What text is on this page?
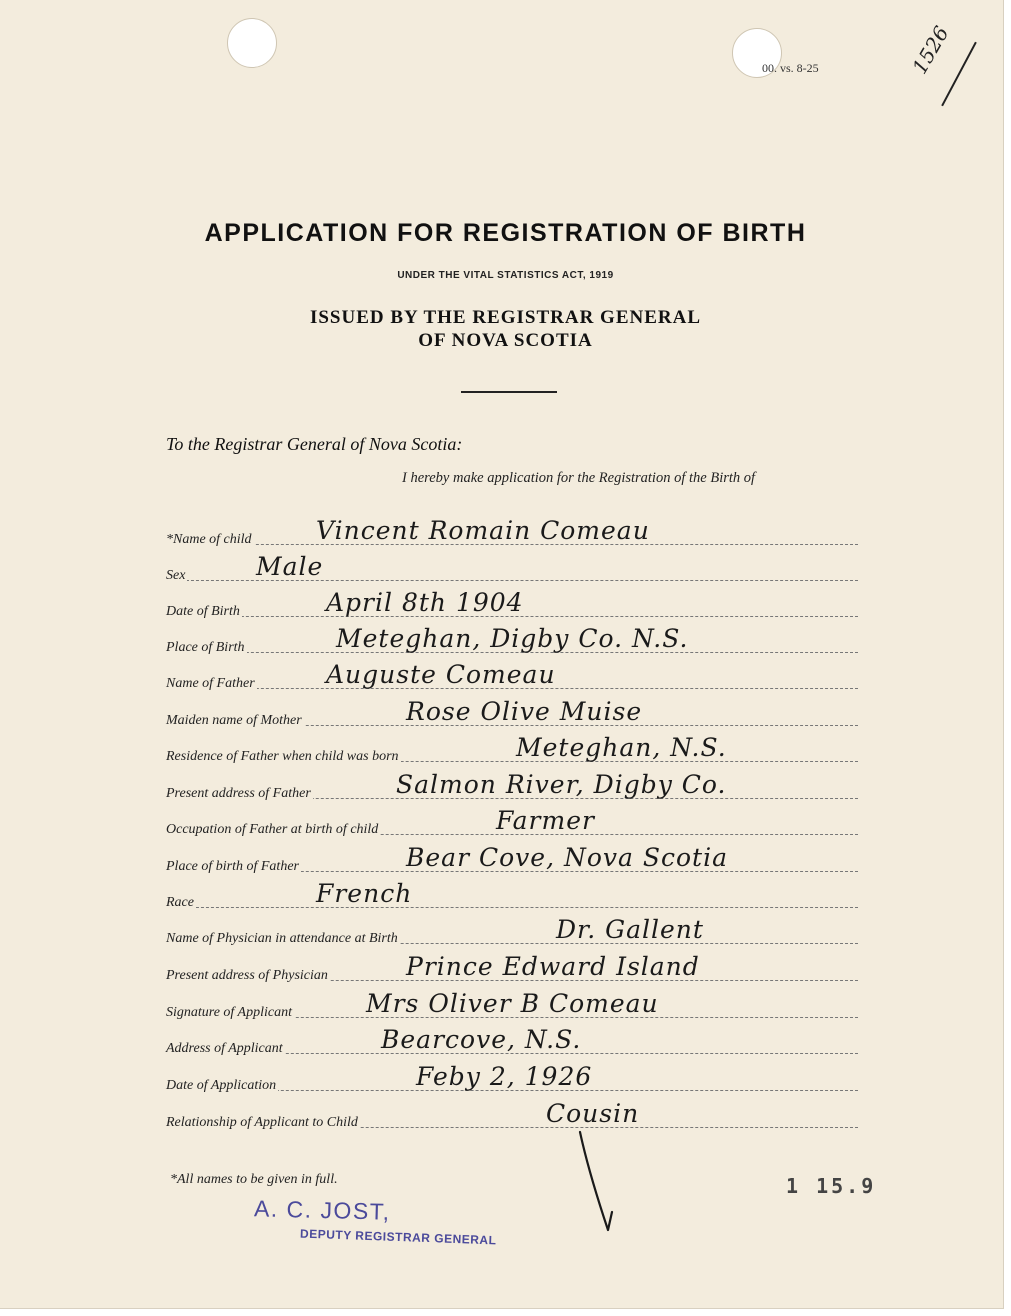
00. vs. 8-25	1526
APPLICATION FOR REGISTRATION OF BIRTH
UNDER THE VITAL STATISTICS ACT, 1919
ISSUED BY THE REGISTRAR GENERAL
OF NOVA SCOTIA
To the Registrar General of Nova Scotia:
I hereby make application for the Registration of the Birth of
*Name of child	Vincent Romain Comeau
Sex	Male
Date of Birth	April 8th 1904
Place of Birth	Meteghan, Digby Co. N.S.
Name of Father	Auguste Comeau
Maiden name of Mother	Rose Olive Muise
Residence of Father when child was born	Meteghan, N.S.
Present address of Father	Salmon River, Digby Co.
Occupation of Father at birth of child	Farmer
Place of birth of Father	Bear Cove, Nova Scotia
Race	French
Name of Physician in attendance at Birth	Dr. Gallent
Present address of Physician	Prince Edward Island
Signature of Applicant	Mrs Oliver B Comeau
Address of Applicant	Bearcove, N.S.
Date of Application	Feby 2, 1926
Relationship of Applicant to Child	Cousin
*All names to be given in full.
A. C. JOST,
DEPUTY REGISTRAR GENERAL
1 15.9
